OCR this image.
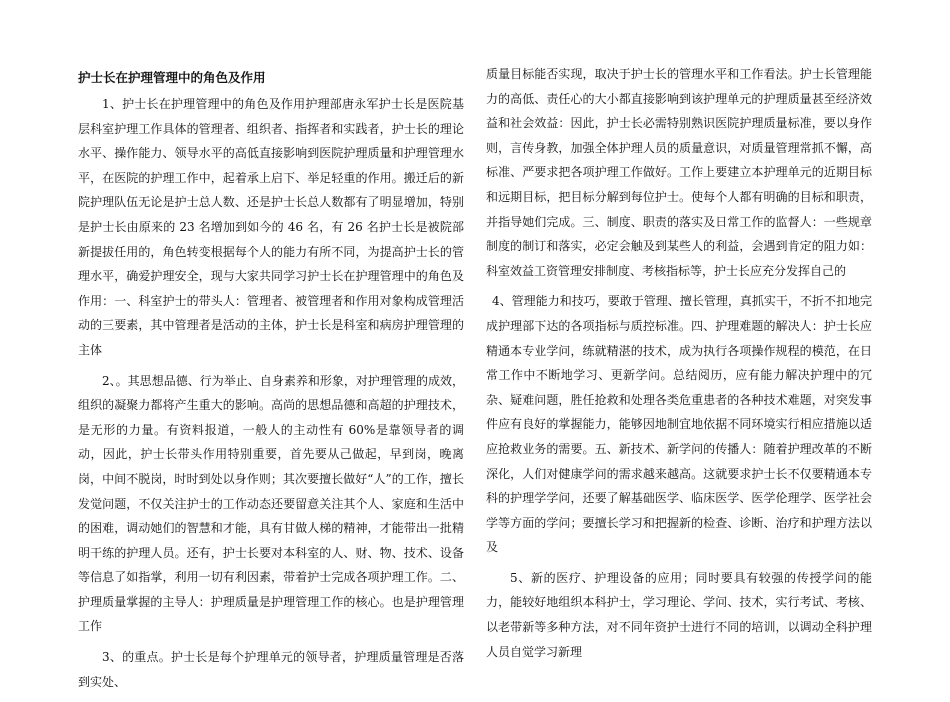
护士长在护理管理中的角色及作用

1、护士长在护理管理中的角色及作用护理部唐永军护士长是医院基层科室护理工作具体的管理者、组织者、指挥者和实践者，护士长的理论水平、操作能力、领导水平的高低直接影响到医院护理质量和护理管理水平，在医院的护理工作中，起着承上启下、举足轻重的作用。搬迁后的新院护理队伍无论是护士总人数、还是护士长总人数都有了明显增加，特别是护士长由原来的 23 名增加到如今的 46 名，有 26 名护士长是被院部新提拔任用的，角色转变根据每个人的能力有所不同，为提高护士长的管理水平，确爱护理安全，现与大家共同学习护士长在护理管理中的角色及作用：一、科室护士的带头人：管理者、被管理者和作用对象构成管理活动的三要素，其中管理者是活动的主体，护士长是科室和病房护理管理的主体

2、。其思想品德、行为举止、自身素养和形象，对护理管理的成效，组织的凝聚力都将产生重大的影响。高尚的思想品德和高超的护理技术，是无形的力量。有资料报道，一般人的主动性有 60%是靠领导者的调动，因此，护士长带头作用特别重要，首先要从己做起，早到岗，晚离岗，中间不脱岗，时时到处以身作则；其次要擅长做好“人”的工作，擅长发觉问题，不仅关注护士的工作动态还要留意关注其个人、家庭和生活中的困难，调动她们的智慧和才能，具有甘做人梯的精神，才能带出一批精明干练的护理人员。还有，护士长要对本科室的人、财、物、技术、设备等信息了如指掌，利用一切有利因素，带着护士完成各项护理工作。二、护理质量掌握的主导人：护理质量是护理管理工作的核心。也是护理管理工作

3、的重点。护士长是每个护理单元的领导者，护理质量管理是否落到实处、

质量目标能否实现，取决于护士长的管理水平和工作看法。护士长管理能力的高低、责任心的大小都直接影响到该护理单元的护理质量甚至经济效益和社会效益：因此，护士长必需特别熟识医院护理质量标准，要以身作则，言传身教，加强全体护理人员的质量意识，对质量管理常抓不懈，高标准、严要求把各项护理工作做好。工作上要建立本护理单元的近期目标和远期目标，把目标分解到每位护士。使每个人都有明确的目标和职责，并指导她们完成。三、制度、职责的落实及日常工作的监督人：一些规章制度的制订和落实，必定会触及到某些人的利益，会遇到肯定的阻力如：科室效益工资管理安排制度、考核指标等，护士长应充分发挥自己的

4、管理能力和技巧，要敢于管理、擅长管理，真抓实干，不折不扣地完成护理部下达的各项指标与质控标准。四、护理难题的解决人：护士长应精通本专业学问，练就精湛的技术，成为执行各项操作规程的模范，在日常工作中不断地学习、更新学问。总结阅历，应有能力解决护理中的冗杂、疑难问题，胜任抢救和处理各类危重患者的各种技术难题，对突发事件应有良好的掌握能力，能够因地制宜地依据不同环境实行相应措施以适应抢救业务的需要。五、新技术、新学问的传播人：随着护理改革的不断深化，人们对健康学问的需求越来越高。这就要求护士长不仅要精通本专科的护理学学问，还要了解基础医学、临床医学、医学伦理学、医学社会学等方面的学问；要擅长学习和把握新的检查、诊断、治疗和护理方法以及

5、新的医疗、护理设备的应用；同时要具有较强的传授学问的能力，能较好地组织本科护士，学习理论、学问、技术，实行考试、考核、以老带新等多种方法，对不同年资护士进行不同的培训，以调动全科护理人员自觉学习新理
